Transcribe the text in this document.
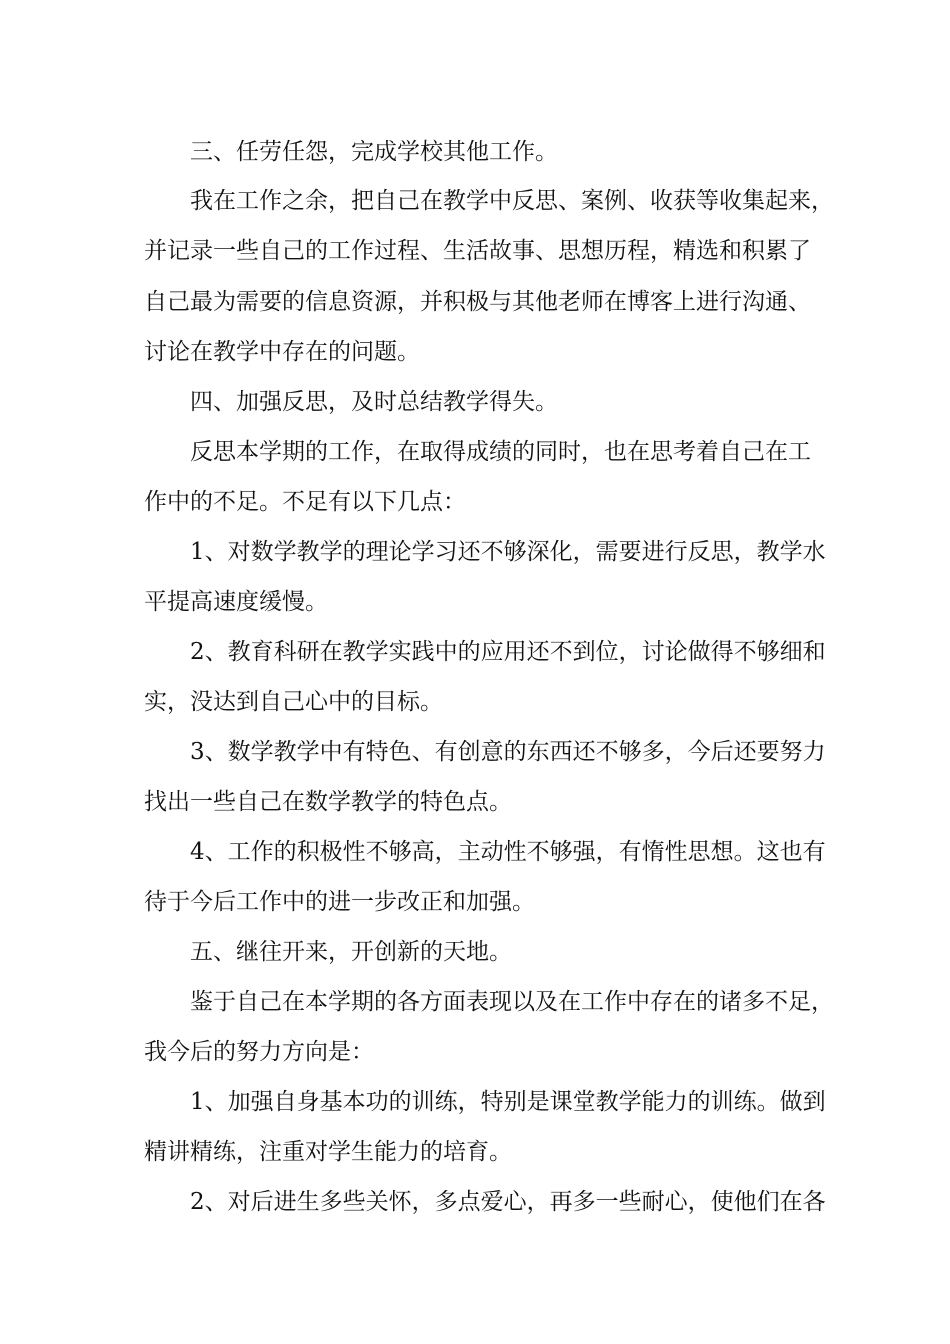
三、任劳任怨，完成学校其他工作。
我在工作之余，把自己在教学中反思、案例、收获等收集起来，
并记录一些自己的工作过程、生活故事、思想历程，精选和积累了
自己最为需要的信息资源，并积极与其他老师在博客上进行沟通、
讨论在教学中存在的问题。
四、加强反思，及时总结教学得失。
反思本学期的工作，在取得成绩的同时，也在思考着自己在工
作中的不足。不足有以下几点：
1、对数学教学的理论学习还不够深化，需要进行反思，教学水
平提高速度缓慢。
2、教育科研在教学实践中的应用还不到位，讨论做得不够细和
实，没达到自己心中的目标。
3、数学教学中有特色、有创意的东西还不够多，今后还要努力
找出一些自己在数学教学的特色点。
4、工作的积极性不够高，主动性不够强，有惰性思想。这也有
待于今后工作中的进一步改正和加强。
五、继往开来，开创新的天地。
鉴于自己在本学期的各方面表现以及在工作中存在的诸多不足，
我今后的努力方向是：
1、加强自身基本功的训练，特别是课堂教学能力的训练。做到
精讲精练，注重对学生能力的培育。
2、对后进生多些关怀，多点爱心，再多一些耐心，使他们在各
